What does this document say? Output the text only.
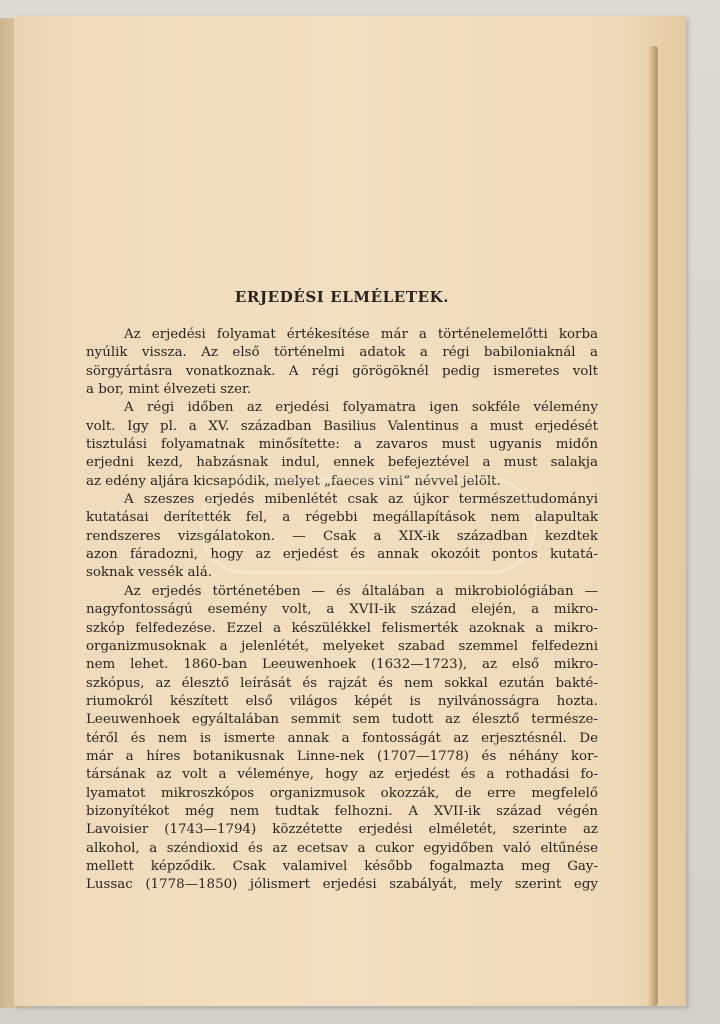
ERJEDÉSI ELMÉLETEK.
Az erjedési folyamat értékesítése már a történelemelőtti korba
nyúlik vissza. Az első történelmi adatok a régi babiloniaknál a
sörgyártásra vonatkoznak. A régi görögöknél pedig ismeretes volt
a bor, mint élvezeti szer.
A régi időben az erjedési folyamatra igen sokféle vélemény
volt. Igy pl. a XV. században Basilius Valentinus a must erjedését
tisztulási folyamatnak minősítette: a zavaros must ugyanis midőn
erjedni kezd, habzásnak indul, ennek befejeztével a must salakja
az edény aljára kicsapódik, melyet „faeces vini“ névvel jelölt.
A szeszes erjedés mibenlétét csak az újkor természettudományi
kutatásai derítették fel, a régebbi megállapítások nem alapultak
rendszeres vizsgálatokon. — Csak a XIX-ik században kezdtek
azon fáradozni, hogy az erjedést és annak okozóit pontos kutatá-
soknak vessék alá.
Az erjedés történetében — és általában a mikrobiológiában —
nagyfontosságú esemény volt, a XVII-ik század elején, a mikro-
szkóp felfedezése. Ezzel a készülékkel felismerték azoknak a mikro-
organizmusoknak a jelenlétét, melyeket szabad szemmel felfedezni
nem lehet. 1860-ban Leeuwenhoek (1632—1723), az első mikro-
szkópus, az élesztő leírását és rajzát és nem sokkal ezután bakté-
riumokról készített első világos képét is nyilvánosságra hozta.
Leeuwenhoek egyáltalában semmit sem tudott az élesztő természe-
téről és nem is ismerte annak a fontosságát az erjesztésnél. De
már a híres botanikusnak Linne-nek (1707—1778) és néhány kor-
társának az volt a véleménye, hogy az erjedést és a rothadási fo-
lyamatot mikroszkópos organizmusok okozzák, de erre megfelelő
bizonyítékot még nem tudtak felhozni. A XVII-ik század végén
Lavoisier (1743—1794) közzétette erjedési elméletét, szerinte az
alkohol, a széndioxid és az ecetsav a cukor egyidőben való eltűnése
mellett képződik. Csak valamivel később fogalmazta meg Gay-
Lussac (1778—1850) jólismert erjedési szabályát, mely szerint egy
